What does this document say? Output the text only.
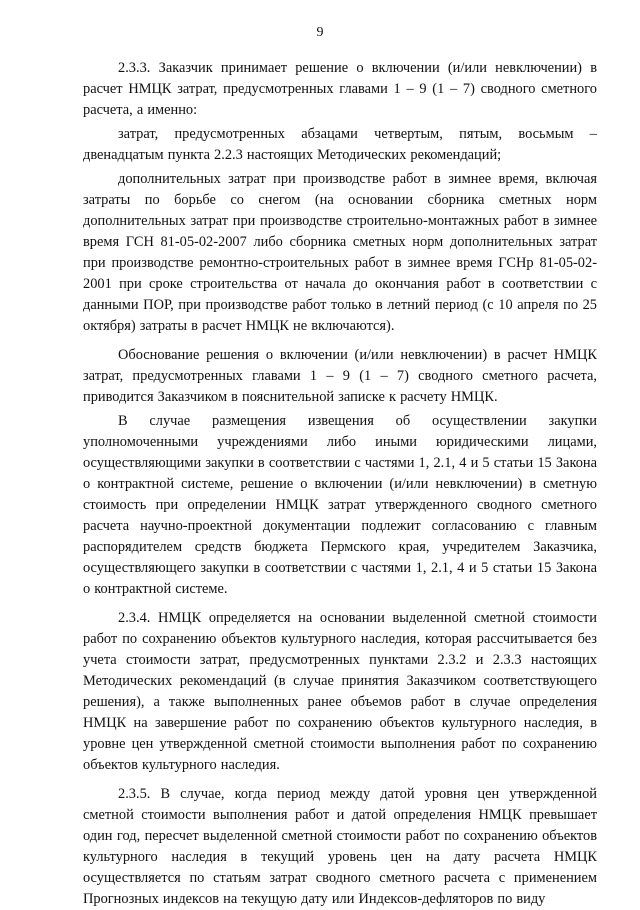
9

2.3.3. Заказчик принимает решение о включении (и/или невключении) в расчет НМЦК затрат, предусмотренных главами 1 – 9 (1 – 7) сводного сметного расчета, а именно:

затрат, предусмотренных абзацами четвертым, пятым, восьмым – двенадцатым пункта 2.2.3 настоящих Методических рекомендаций;

дополнительных затрат при производстве работ в зимнее время, включая затраты по борьбе со снегом (на основании сборника сметных норм дополнительных затрат при производстве строительно-монтажных работ в зимнее время ГСН 81-05-02-2007 либо сборника сметных норм дополнительных затрат при производстве ремонтно-строительных работ в зимнее время ГСНр 81-05-02-2001 при сроке строительства от начала до окончания работ в соответствии с данными ПОР, при производстве работ только в летний период (с 10 апреля по 25 октября) затраты в расчет НМЦК не включаются).

Обоснование решения о включении (и/или невключении) в расчет НМЦК затрат, предусмотренных главами 1 – 9 (1 – 7) сводного сметного расчета, приводится Заказчиком в пояснительной записке к расчету НМЦК.

В случае размещения извещения об осуществлении закупки уполномоченными учреждениями либо иными юридическими лицами, осуществляющими закупки в соответствии с частями 1, 2.1, 4 и 5 статьи 15 Закона о контрактной системе, решение о включении (и/или невключении) в сметную стоимость при определении НМЦК затрат утвержденного сводного сметного расчета научно-проектной документации подлежит согласованию с главным распорядителем средств бюджета Пермского края, учредителем Заказчика, осуществляющего закупки в соответствии с частями 1, 2.1, 4 и 5 статьи 15 Закона о контрактной системе.

2.3.4. НМЦК определяется на основании выделенной сметной стоимости работ по сохранению объектов культурного наследия, которая рассчитывается без учета стоимости затрат, предусмотренных пунктами 2.3.2 и 2.3.3 настоящих Методических рекомендаций (в случае принятия Заказчиком соответствующего решения), а также выполненных ранее объемов работ в случае определения НМЦК на завершение работ по сохранению объектов культурного наследия, в уровне цен утвержденной сметной стоимости выполнения работ по сохранению объектов культурного наследия.

2.3.5. В случае, когда период между датой уровня цен утвержденной сметной стоимости выполнения работ и датой определения НМЦК превышает один год, пересчет выделенной сметной стоимости работ по сохранению объектов культурного наследия в текущий уровень цен на дату расчета НМЦК осуществляется по статьям затрат сводного сметного расчета с применением Прогнозных индексов на текущую дату или Индексов-дефляторов по виду
